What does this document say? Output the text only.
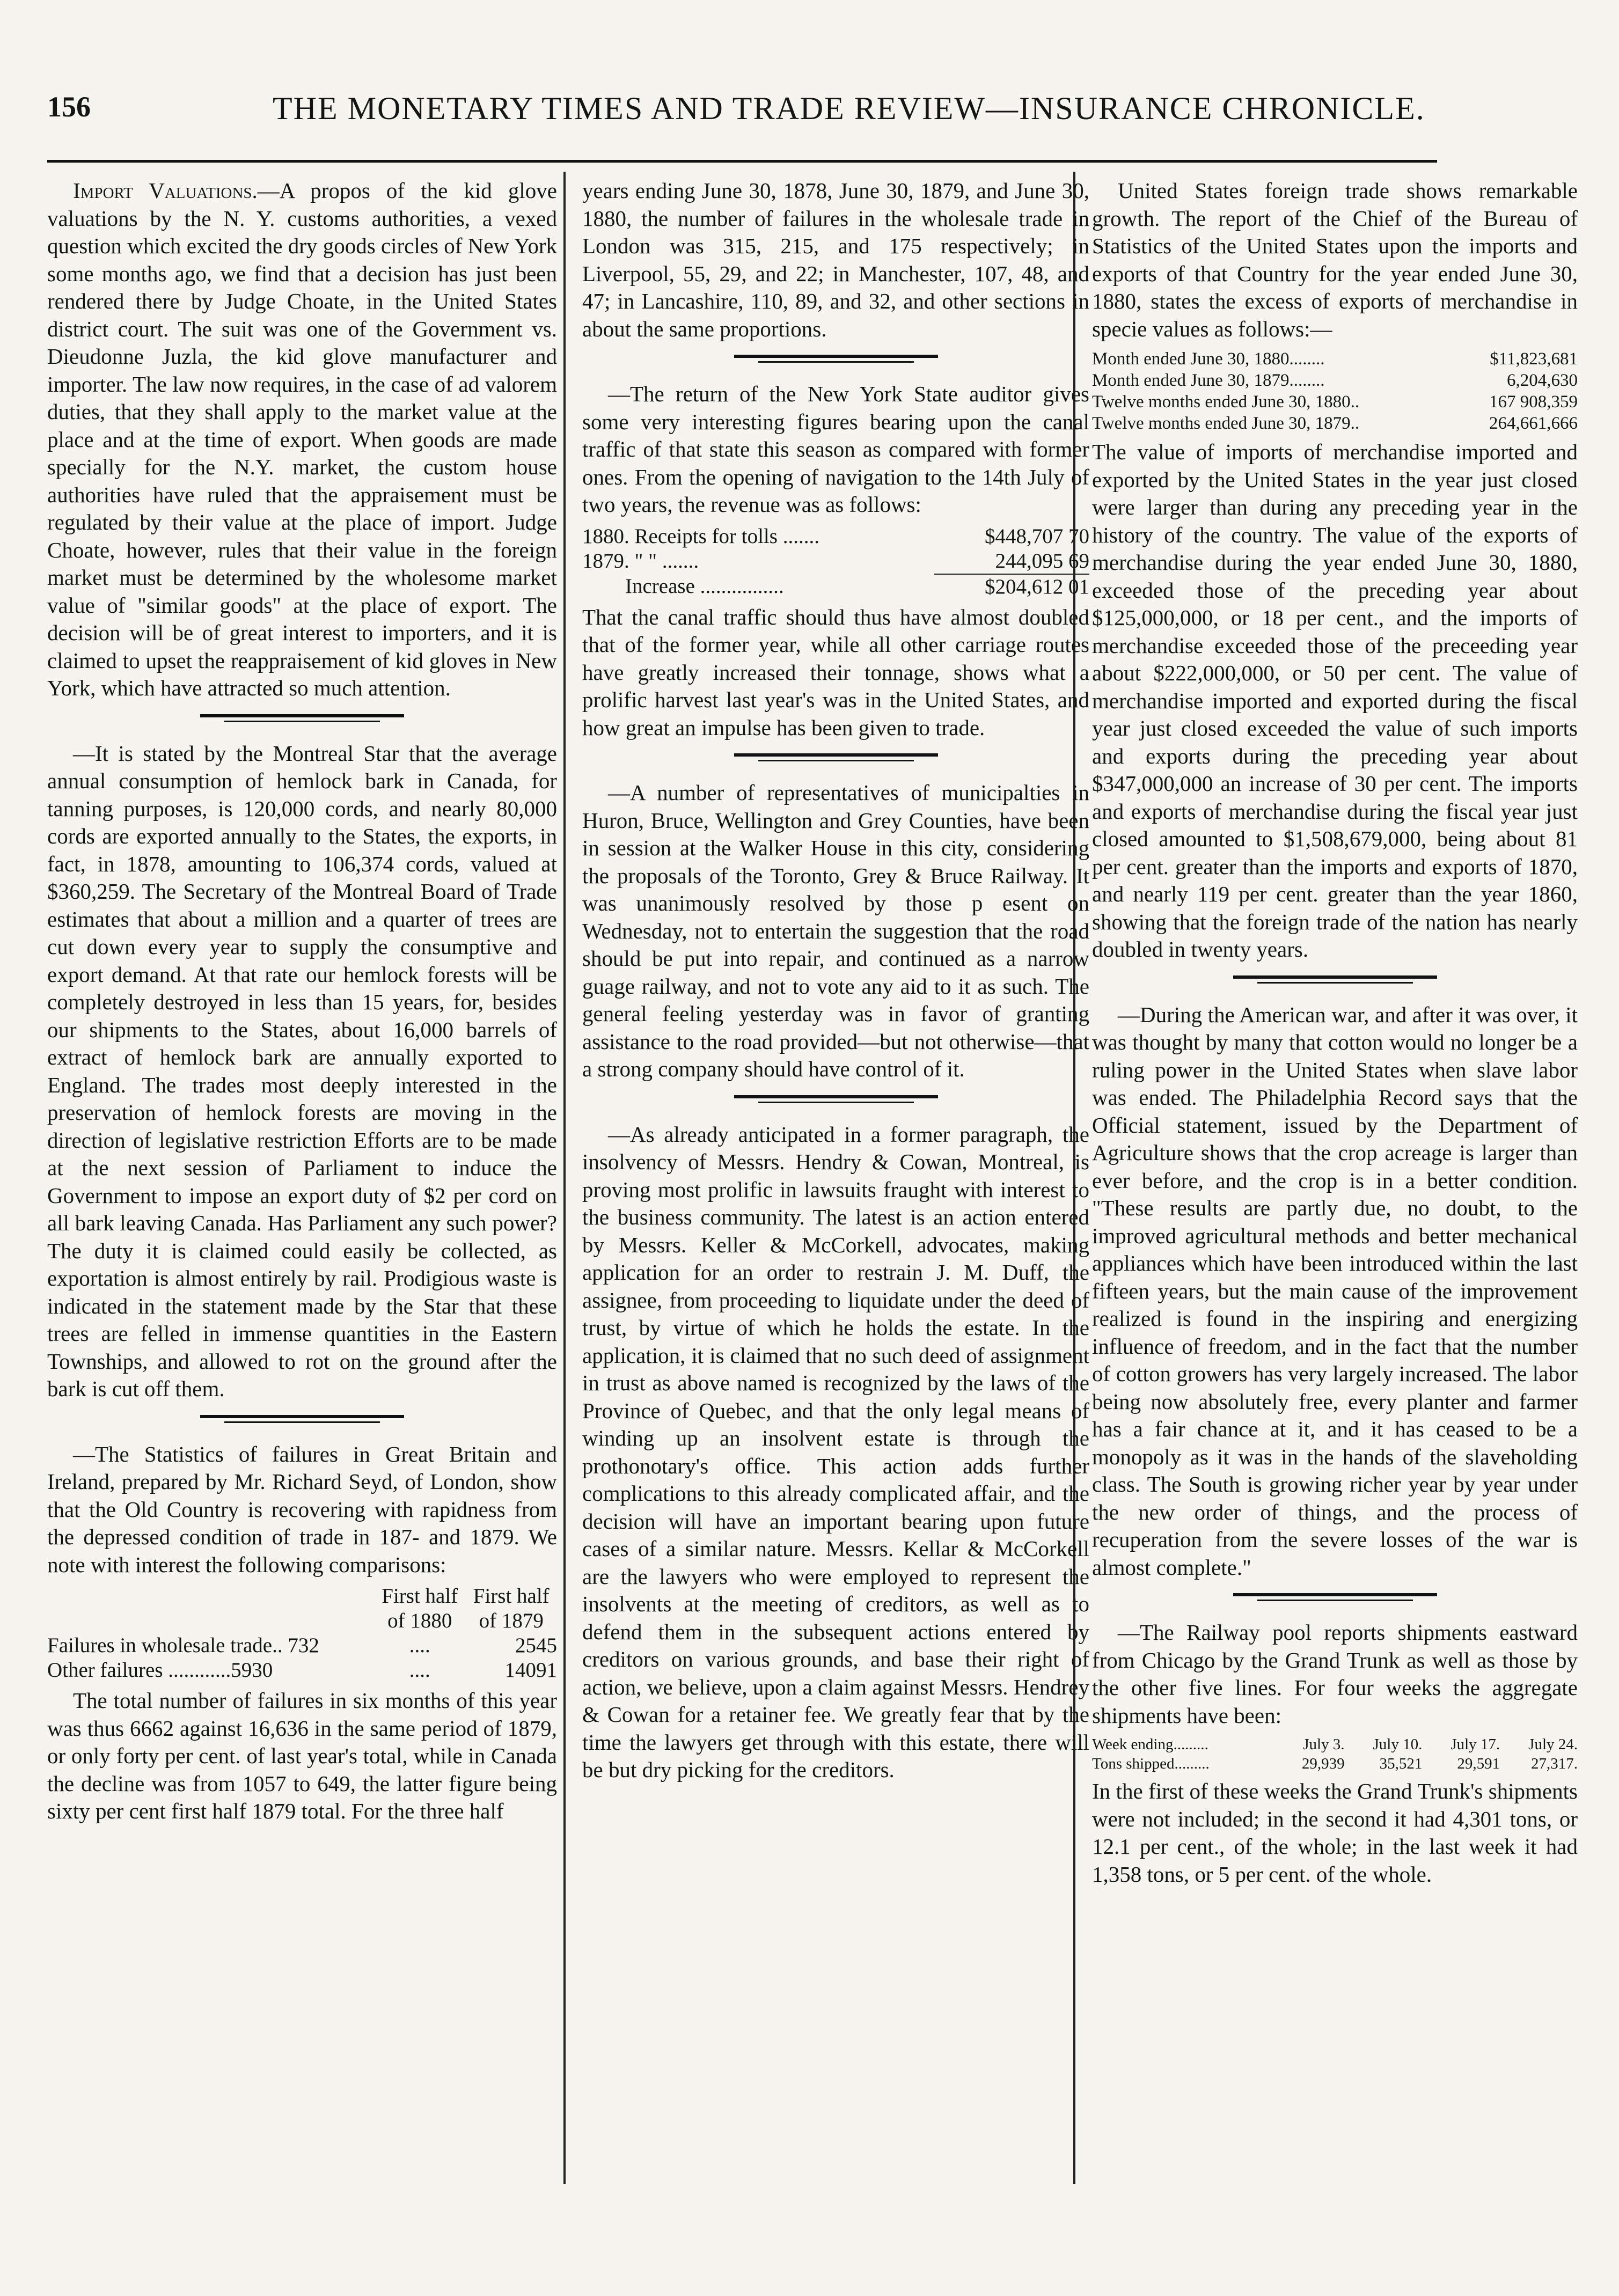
156	THE MONETARY TIMES AND TRADE REVIEW—INSURANCE CHRONICLE.

Import Valuations.—A propos of the kid glove valuations by the N. Y. customs authorities, a vexed question which excited the dry goods circles of New York some months ago, we find that a decision has just been rendered there by Judge Choate, in the United States district court. The suit was one of the Government vs. Dieudonne Juzla, the kid glove manufacturer and importer. The law now requires, in the case of ad valorem duties, that they shall apply to the market value at the place and at the time of export. When goods are made specially for the N.Y. market, the custom house authorities have ruled that the appraisement must be regulated by their value at the place of import. Judge Choate, however, rules that their value in the foreign market must be determined by the wholesome market value of "similar goods" at the place of export. The decision will be of great interest to importers, and it is claimed to upset the reappraisement of kid gloves in New York, which have attracted so much attention.

—It is stated by the Montreal Star that the average annual consumption of hemlock bark in Canada, for tanning purposes, is 120,000 cords, and nearly 80,000 cords are exported annually to the States, the exports, in fact, in 1878, amounting to 106,374 cords, valued at $360,259. The Secretary of the Montreal Board of Trade estimates that about a million and a quarter of trees are cut down every year to supply the consumptive and export demand. At that rate our hemlock forests will be completely destroyed in less than 15 years, for, besides our shipments to the States, about 16,000 barrels of extract of hemlock bark are annually exported to England. The trades most deeply interested in the preservation of hemlock forests are moving in the direction of legislative restriction Efforts are to be made at the next session of Parliament to induce the Government to impose an export duty of $2 per cord on all bark leaving Canada. Has Parliament any such power? The duty it is claimed could easily be collected, as exportation is almost entirely by rail. Prodigious waste is indicated in the statement made by the Star that these trees are felled in immense quantities in the Eastern Townships, and allowed to rot on the ground after the bark is cut off them.

—The Statistics of failures in Great Britain and Ireland, prepared by Mr. Richard Seyd, of London, show that the Old Country is recovering with rapidness from the depressed condition of trade in 187- and 1879. We note with interest the following comparisons:

	First half	First half
	of 1880	of 1879
Failures in wholesale trade.. 732	....	2545
Other failures ............5930	....	14091

The total number of failures in six months of this year was thus 6662 against 16,636 in the same period of 1879, or only forty per cent. of last year's total, while in Canada the decline was from 1057 to 649, the latter figure being sixty per cent first half 1879 total. For the three half

years ending June 30, 1878, June 30, 1879, and June 30, 1880, the number of failures in the wholesale trade in London was 315, 215, and 175 respectively; in Liverpool, 55, 29, and 22; in Manchester, 107, 48, and 47; in Lancashire, 110, 89, and 32, and other sections in about the same proportions.

—The return of the New York State auditor gives some very interesting figures bearing upon the canal traffic of that state this season as compared with former ones. From the opening of navigation to the 14th July of two years, the revenue was as follows:

1880. Receipts for tolls .......	$448,707 70
1879. " " .......	244,095 69
Increase ................	$204,612 01

That the canal traffic should thus have almost doubled that of the former year, while all other carriage routes have greatly increased their tonnage, shows what a prolific harvest last year's was in the United States, and how great an impulse has been given to trade.

—A number of representatives of municipalties in Huron, Bruce, Wellington and Grey Counties, have been in session at the Walker House in this city, considering the proposals of the Toronto, Grey & Bruce Railway. It was unanimously resolved by those p esent on Wednesday, not to entertain the suggestion that the road should be put into repair, and continued as a narrow guage railway, and not to vote any aid to it as such. The general feeling yesterday was in favor of granting assistance to the road provided—but not otherwise—that a strong company should have control of it.

—As already anticipated in a former paragraph, the insolvency of Messrs. Hendry & Cowan, Montreal, is proving most prolific in lawsuits fraught with interest to the business community. The latest is an action entered by Messrs. Keller & McCorkell, advocates, making application for an order to restrain J. M. Duff, the assignee, from proceeding to liquidate under the deed of trust, by virtue of which he holds the estate. In the application, it is claimed that no such deed of assignment in trust as above named is recognized by the laws of the Province of Quebec, and that the only legal means of winding up an insolvent estate is through the prothonotary's office. This action adds further complications to this already complicated affair, and the decision will have an important bearing upon future cases of a similar nature. Messrs. Kellar & McCorkell are the lawyers who were employed to represent the insolvents at the meeting of creditors, as well as to defend them in the subsequent actions entered by creditors on various grounds, and base their right of action, we believe, upon a claim against Messrs. Hendrey & Cowan for a retainer fee. We greatly fear that by the time the lawyers get through with this estate, there will be but dry picking for the creditors.

United States foreign trade shows remarkable growth. The report of the Chief of the Bureau of Statistics of the United States upon the imports and exports of that Country for the year ended June 30, 1880, states the excess of exports of merchandise in specie values as follows:—

Month ended June 30, 1880........	$11,823,681
Month ended June 30, 1879........	6,204,630
Twelve months ended June 30, 1880..	167 908,359
Twelve months ended June 30, 1879..	264,661,666

The value of imports of merchandise imported and exported by the United States in the year just closed were larger than during any preceding year in the history of the country. The value of the exports of merchandise during the year ended June 30, 1880, exceeded those of the preceding year about $125,000,000, or 18 per cent., and the imports of merchandise exceeded those of the preceeding year about $222,000,000, or 50 per cent. The value of merchandise imported and exported during the fiscal year just closed exceeded the value of such imports and exports during the preceding year about $347,000,000 an increase of 30 per cent. The imports and exports of merchandise during the fiscal year just closed amounted to $1,508,679,000, being about 81 per cent. greater than the imports and exports of 1870, and nearly 119 per cent. greater than the year 1860, showing that the foreign trade of the nation has nearly doubled in twenty years.

—During the American war, and after it was over, it was thought by many that cotton would no longer be a ruling power in the United States when slave labor was ended. The Philadelphia Record says that the Official statement, issued by the Department of Agriculture shows that the crop acreage is larger than ever before, and the crop is in a better condition. "These results are partly due, no doubt, to the improved agricultural methods and better mechanical appliances which have been introduced within the last fifteen years, but the main cause of the improvement realized is found in the inspiring and energizing influence of freedom, and in the fact that the number of cotton growers has very largely increased. The labor being now absolutely free, every planter and farmer has a fair chance at it, and it has ceased to be a monopoly as it was in the hands of the slaveholding class. The South is growing richer year by year under the new order of things, and the process of recuperation from the severe losses of the war is almost complete."

—The Railway pool reports shipments eastward from Chicago by the Grand Trunk as well as those by the other five lines. For four weeks the aggregate shipments have been:

Week ending.........	July 3.	July 10.	July 17.	July 24.
Tons shipped.........	29,939	35,521	29,591	27,317.

In the first of these weeks the Grand Trunk's shipments were not included; in the second it had 4,301 tons, or 12.1 per cent., of the whole; in the last week it had 1,358 tons, or 5 per cent. of the whole.
